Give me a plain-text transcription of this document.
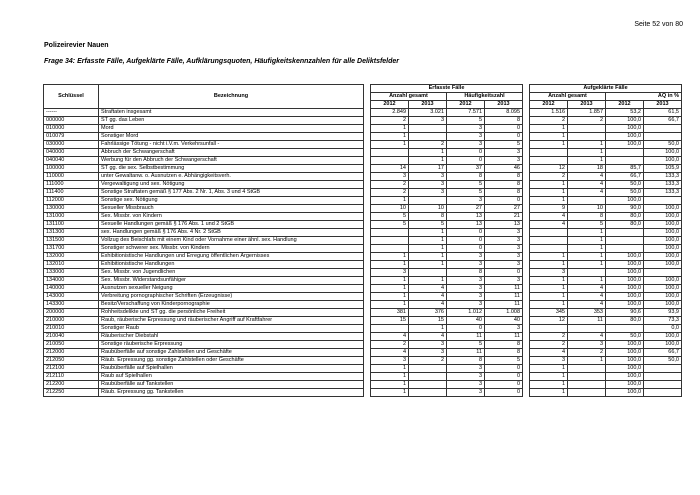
Seite 52 von 80
Polizeirevier Nauen
Frage 34: Erfasste Fälle, Aufgeklärte Fälle, Aufklärungsquoten, Häufigkeitskennzahlen für alle Deliktsfelder
Schlüssel	Bezeichnung		Erfasste Fälle					Aufgeklärte Fälle			
			Anzahl gesamt		Häufigkeitszahl			Anzahl gesamt		AQ in %	
			2012	2013	2012	2013		2012	2013	2012	2013
------	Straftaten insgesamt		2.849	3.021	7.571	8.095		1.516	1.857	53,2	61,5
000000	ST gg. das Leben		2	3	5	8		2	2	100,0	66,7
010000	Mord		1		3	0		1		100,0	
010079	Sonstiger Mord		1		3	0		1		100,0	
030000	Fahrlässige Tötung - nicht i.V.m. Verkehrsunfall -		1	2	3	5		1	1	100,0	50,0
040000	Abbruch der Schwangerschaft			1	0	3			1		100,0
040040	Werbung für den Abbruch der Schwangerschaft			1	0	3			1		100,0
100000	ST gg. die sex. Selbstbestimmung		14	17	37	46		12	18	85,7	105,9
110000	unter Gewaltanw. o. Ausnutzen e. Abhängigkeitsverh.		3	3	8	8		2	4	66,7	133,3
111000	Vergewaltigung und sex. Nötigung		2	3	5	8		1	4	50,0	133,3
111400	Sonstige Straftaten gemäß § 177 Abs. 2 Nr. 1, Abs. 3 und 4 StGB		2	3	5	8		1	4	50,0	133,3
112000	Sonstige sex. Nötigung		1		3	0		1		100,0	
130000	Sexueller Missbrauch		10	10	27	27		9	10	90,0	100,0
131000	Sex. Missbr. von Kindern		5	8	13	21		4	8	80,0	100,0
131100	Sexuelle Handlungen gemäß § 176 Abs. 1 und 2 StGB		5	5	13	13		4	5	80,0	100,0
131300	sex. Handlungen gemäß § 176 Abs. 4 Nr. 2 StGB			1	0	3			1		100,0
131500	Vollzug des Beischlafs mit einem Kind oder Vornahme einer ähnl. sex. Handlung			1	0	3			1		100,0
131700	Sonstiger schwerer sex. Missbr. von Kindern			1	0	3			1		100,0
132000	Exhibitionistische Handlungen und Erregung öffentlichen Ärgernisses		1	1	3	3		1	1	100,0	100,0
132010	Exhibitionistische Handlungen		1	1	3	3		1	1	100,0	100,0
133000	Sex. Missbr. von Jugendlichen		3		8	0		3		100,0	
134000	Sex. Missbr. Widerstandsunfähiger		1	1	3	3		1	1	100,0	100,0
140000	Ausnutzen sexueller Neigung		1	4	3	11		1	4	100,0	100,0
143000	Verbreitung pornographischer Schriften (Erzeugnisse)		1	4	3	11		1	4	100,0	100,0
143300	Besitz/Verschaffung von Kinderpornographie		1	4	3	11		1	4	100,0	100,0
200000	Rohheitsdelikte und ST gg. die persönliche Freiheit		381	376	1.012	1.008		345	353	90,6	93,9
210000	Raub, räuberische Erpressung und räuberischer Angriff auf Kraftfahrer		15	15	40	40		12	11	80,0	73,3
210010	Sonstiger Raub			1	0	3					0,0
210040	Räuberischer Diebstahl		4	4	11	11		2	4	50,0	100,0
210050	Sonstige räuberische Erpressung		2	3	5	8		2	3	100,0	100,0
212000	Raubüberfälle auf sonstige Zahlstellen und Geschäfte		4	3	11	8		4	2	100,0	66,7
212050	Räub. Erpressung gg. sonstige Zahlstellen oder Geschäfte		3	2	8	5		3	1	100,0	50,0
212100	Raubüberfälle auf Spielhallen		1		3	0		1		100,0	
212110	Raub auf Spielhallen		1		3	0		1		100,0	
212200	Raubüberfälle auf Tankstellen		1		3	0		1		100,0	
212250	Räub. Erpressung gg. Tankstellen		1		3	0		1		100,0	
